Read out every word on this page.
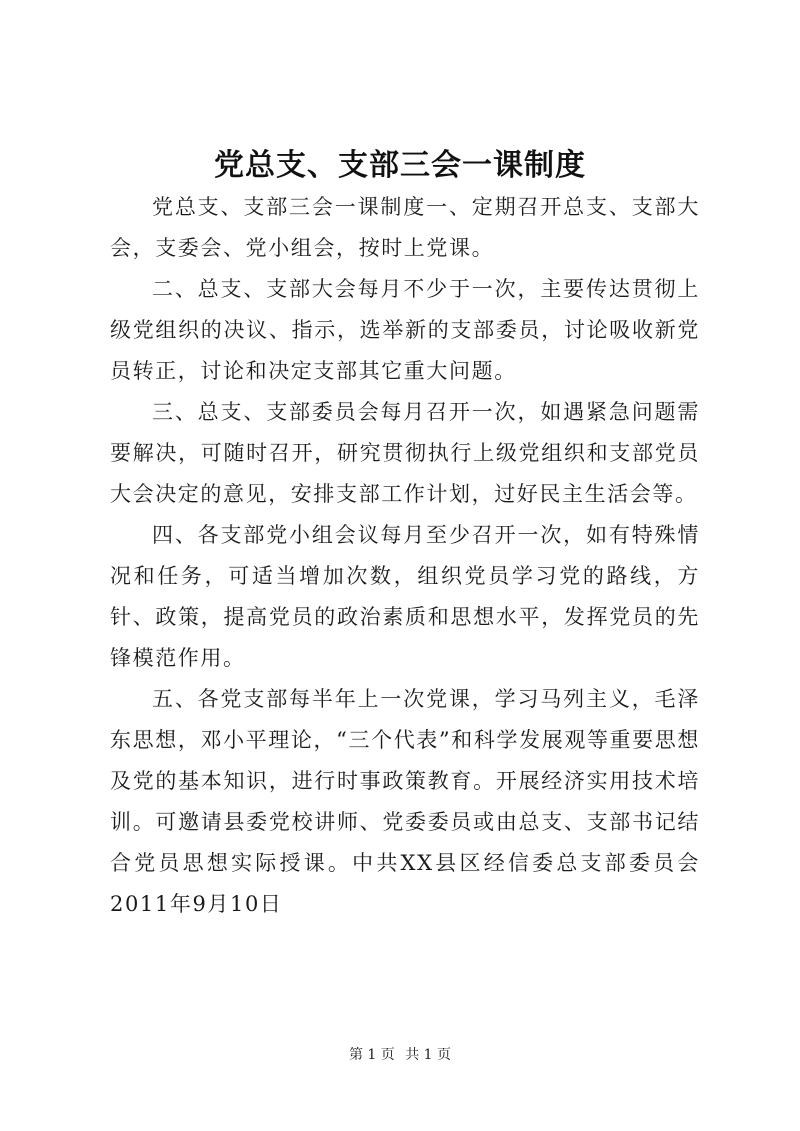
党总支、支部三会一课制度

党总支、支部三会一课制度一、定期召开总支、支部大会，支委会、党小组会，按时上党课。

二、总支、支部大会每月不少于一次，主要传达贯彻上级党组织的决议、指示，选举新的支部委员，讨论吸收新党员转正，讨论和决定支部其它重大问题。

三、总支、支部委员会每月召开一次，如遇紧急问题需要解决，可随时召开，研究贯彻执行上级党组织和支部党员大会决定的意见，安排支部工作计划，过好民主生活会等。

四、各支部党小组会议每月至少召开一次，如有特殊情况和任务，可适当增加次数，组织党员学习党的路线，方针、政策，提高党员的政治素质和思想水平，发挥党员的先锋模范作用。

五、各党支部每半年上一次党课，学习马列主义，毛泽东思想，邓小平理论，“三个代表”和科学发展观等重要思想及党的基本知识，进行时事政策教育。开展经济实用技术培训。可邀请县委党校讲师、党委委员或由总支、支部书记结合党员思想实际授课。中共XX县区经信委总支部委员会2011年9月10日

第 1 页 共 1 页
